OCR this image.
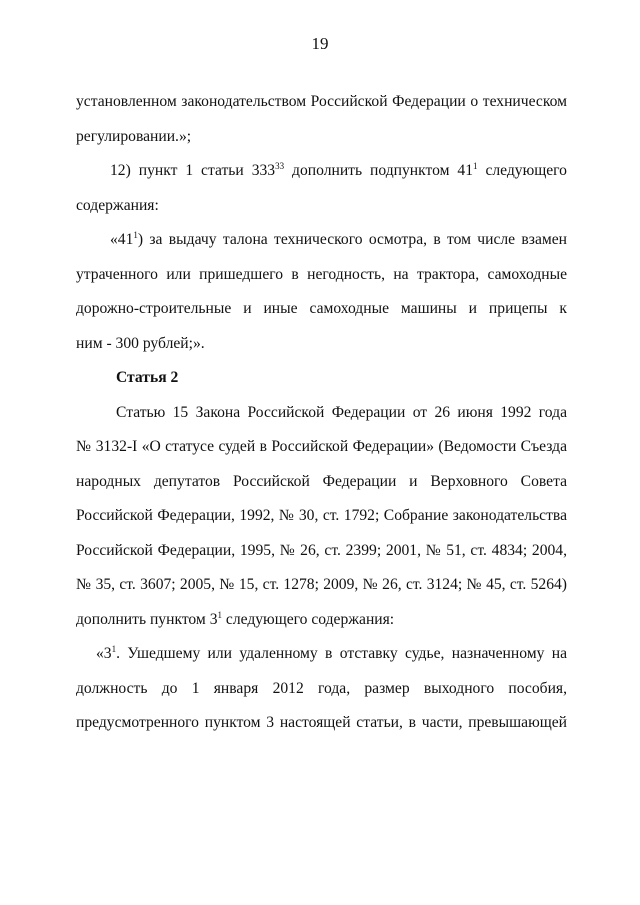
19
установленном законодательством Российской Федерации о техническом
регулировании.»;
12) пункт 1 статьи $333^{33}$ дополнить подпунктом $41^1$ следующего
содержания:
«$41^1$) за выдачу талона технического осмотра, в том числе взамен
утраченного или пришедшего в негодность, на трактора, самоходные
дорожно-строительные и иные самоходные машины и прицепы к
ним - 300 рублей;».
Статья 2
Статью 15 Закона Российской Федерации от 26 июня 1992 года
№ 3132-I «О статусе судей в Российской Федерации» (Ведомости Съезда
народных депутатов Российской Федерации и Верховного Совета
Российской Федерации, 1992, № 30, ст. 1792; Собрание законодательства
Российской Федерации, 1995, № 26, ст. 2399; 2001, № 51, ст. 4834; 2004,
№ 35, ст. 3607; 2005, № 15, ст. 1278; 2009, № 26, ст. 3124; № 45, ст. 5264)
дополнить пунктом $3^1$ следующего содержания:
«$3^1$. Ушедшему или удаленному в отставку судье, назначенному на
должность до 1 января 2012 года, размер выходного пособия,
предусмотренного пунктом 3 настоящей статьи, в части, превышающей
